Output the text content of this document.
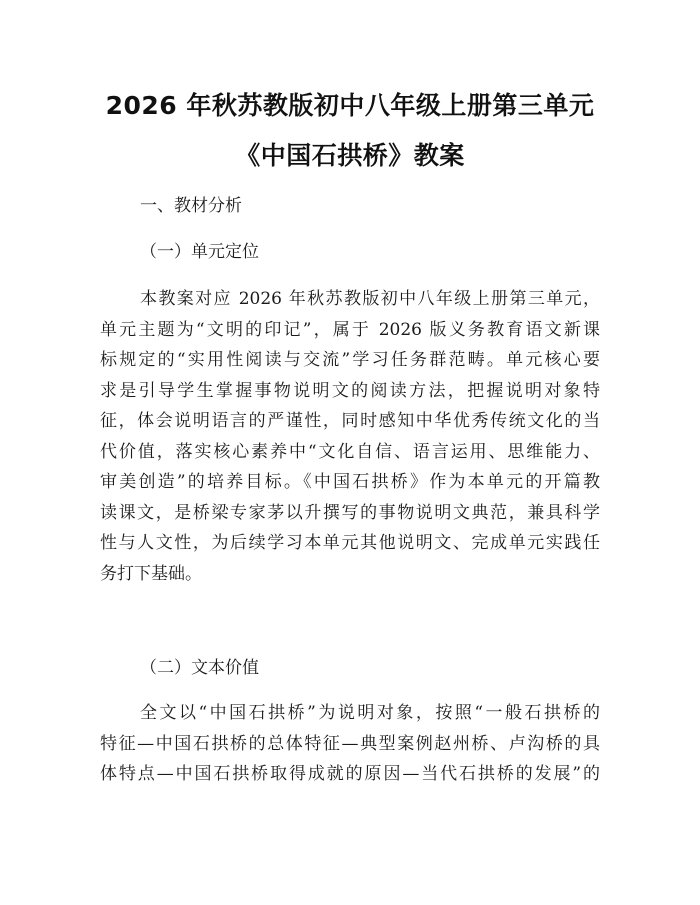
2026 年秋苏教版初中八年级上册第三单元
《中国石拱桥》教案
一、教材分析
（一）单元定位
本教案对应 2026 年秋苏教版初中八年级上册第三单元，
单元主题为“文明的印记”，属于 2026 版义务教育语文新课
标规定的“实用性阅读与交流”学习任务群范畴。单元核心要
求是引导学生掌握事物说明文的阅读方法，把握说明对象特
征，体会说明语言的严谨性，同时感知中华优秀传统文化的当
代价值，落实核心素养中“文化自信、语言运用、思维能力、
审美创造”的培养目标。《中国石拱桥》作为本单元的开篇教
读课文，是桥梁专家茅以升撰写的事物说明文典范，兼具科学
性与人文性，为后续学习本单元其他说明文、完成单元实践任
务打下基础。
（二）文本价值
全文以“中国石拱桥”为说明对象，按照“一般石拱桥的
特征—中国石拱桥的总体特征—典型案例赵州桥、卢沟桥的具
体特点—中国石拱桥取得成就的原因—当代石拱桥的发展”的
